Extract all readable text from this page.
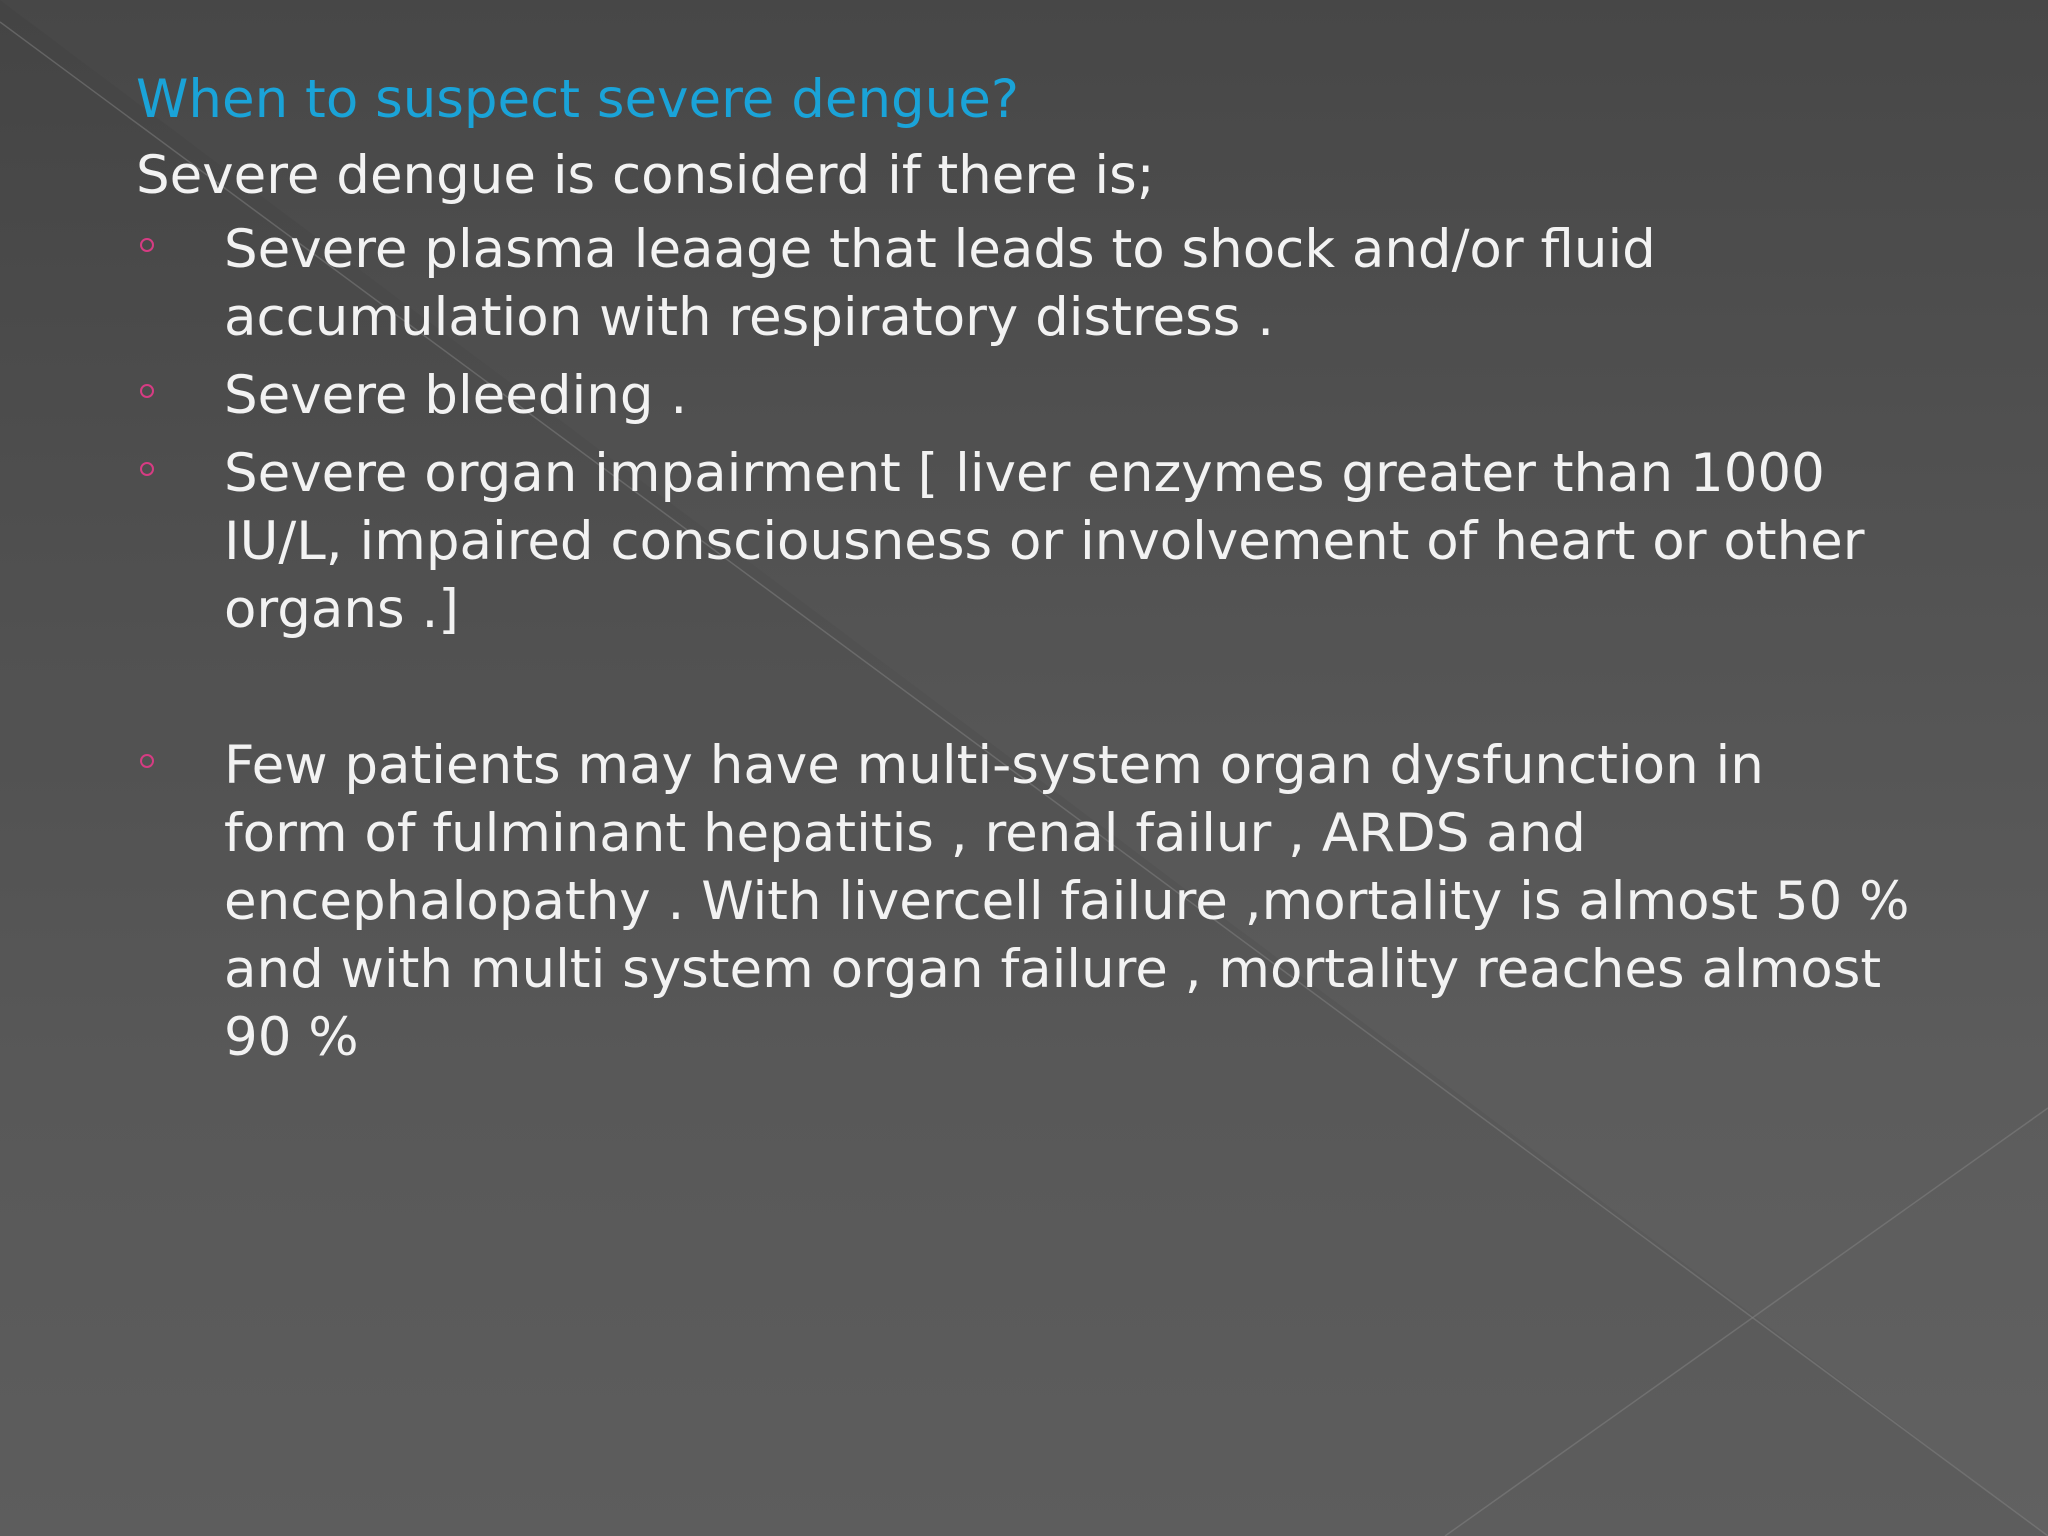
When to suspect severe dengue?

Severe dengue is considerd if there is;

Severe plasma leaage that leads to shock and/or fluid
accumulation with respiratory distress .
Severe bleeding .
Severe organ impairment [ liver enzymes greater than 1000
IU/L, impaired consciousness or involvement of heart or other
organs .]
Few patients may have multi-system organ dysfunction in
form of fulminant hepatitis , renal failur , ARDS and
encephalopathy . With livercell failure ,mortality is almost 50 %
and with multi system organ failure , mortality reaches almost
90 %
